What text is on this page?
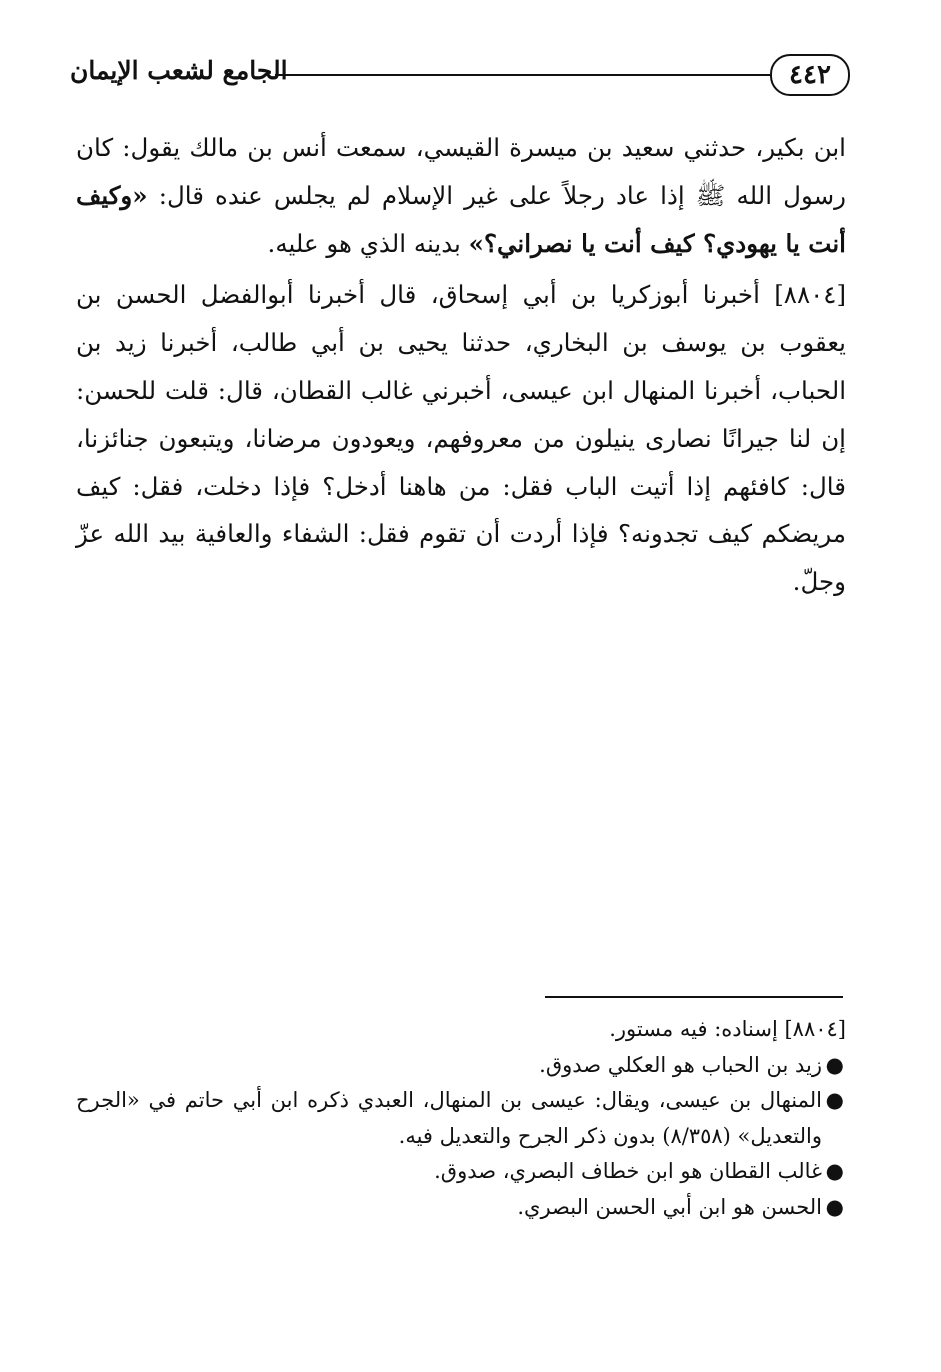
٤٤٢
الجامع لشعب الإيمان

ابن بكير، حدثني سعيد بن ميسرة القيسي، سمعت أنس بن مالك يقول: كان رسول الله ﷺ إذا عاد رجلاً على غير الإسلام لم يجلس عنده قال: «وكيف أنت يا يهودي؟ كيف أنت يا نصراني؟» بدينه الذي هو عليه.

[٨٨٠٤] أخبرنا أبوزكريا بن أبي إسحاق، قال أخبرنا أبوالفضل الحسن بن يعقوب بن يوسف بن البخاري، حدثنا يحيى بن أبي طالب، أخبرنا زيد بن الحباب، أخبرنا المنهال ابن عيسى، أخبرني غالب القطان، قال: قلت للحسن: إن لنا جيرانًا نصارى ينيلون من معروفهم، ويعودون مرضانا، ويتبعون جنائزنا، قال: كافئهم إذا أتيت الباب فقل: من هاهنا أدخل؟ فإذا دخلت، فقل: كيف مريضكم كيف تجدونه؟ فإذا أردت أن تقوم فقل: الشفاء والعافية بيد الله عزّ وجلّ.

[٨٨٠٤] إسناده: فيه مستور.

●
زيد بن الحباب هو العكلي صدوق.
●
المنهال بن عيسى، ويقال: عيسى بن المنهال، العبدي ذكره ابن أبي حاتم في «الجرح والتعديل» (٨/٣٥٨) بدون ذكر الجرح والتعديل فيه.
●
غالب القطان هو ابن خطاف البصري، صدوق.
●
الحسن هو ابن أبي الحسن البصري.
